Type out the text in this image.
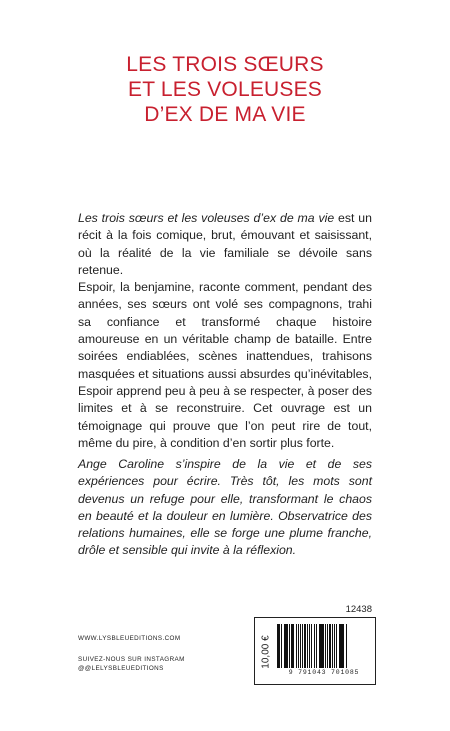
LES TROIS SŒURS
ET LES VOLEUSES
D’EX DE MA VIE

Les trois sœurs et les voleuses d’ex de ma vie est un récit à la fois comique, brut, émouvant et saisissant, où la réalité de la vie familiale se dévoile sans retenue.

Espoir, la benjamine, raconte comment, pendant des années, ses sœurs ont volé ses compagnons, trahi sa confiance et transformé chaque histoire amoureuse en un véritable champ de bataille. Entre soirées endiablées, scènes inattendues, trahisons masquées et situations aussi absurdes qu’inévitables, Espoir apprend peu à peu à se respecter, à poser des limites et à se reconstruire. Cet ouvrage est un témoignage qui prouve que l’on peut rire de tout, même du pire, à condition d’en sortir plus forte.

Ange Caroline s’inspire de la vie et de ses expériences pour écrire. Très tôt, les mots sont devenus un refuge pour elle, transformant le chaos en beauté et la douleur en lumière. Observatrice des relations humaines, elle se forge une plume franche, drôle et sensible qui invite à la réflexion.
12438
10,00 €
9 791043 701085
WWW.LYSBLEUEDITIONS.COM
SUIVEZ-NOUS SUR INSTAGRAM
@@LELYSBLEUEDITIONS
